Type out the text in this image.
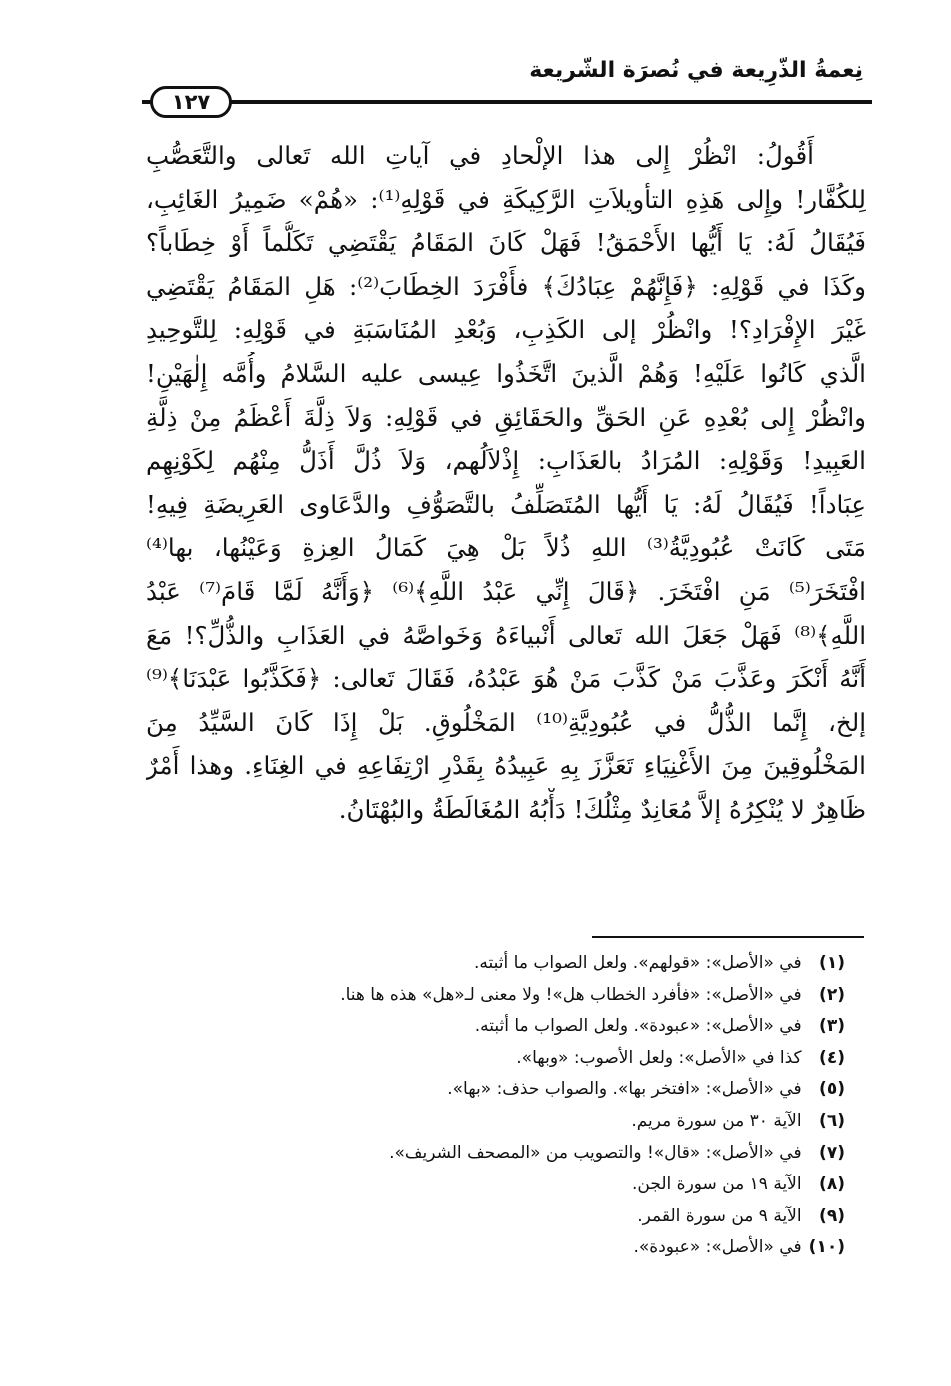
نِعمةُ الذّرِيعة في نُصرَة الشّريعة
١٢٧
أَقُولُ: انْظُرْ إِلى هذا الإلْحادِ في آياتِ الله تَعالى والتَّعَصُّبِ
لِلكُفَّار! وإِلى هَذِهِ التأويلاَتِ الرَّكِيكَةِ في قَوْلِهِ⁽¹⁾: «هُمْ» ضَمِيرُ الغَائِبِ،
فَيُقَالُ لَهُ: يَا أَيُّها الأَحْمَقُ! فَهَلْ كَانَ المَقَامُ يَقْتَضِي تَكَلُّماً أَوْ خِطَاباً؟
وكَذَا في قَوْلِهِ: ﴿فَإِنَّهُمْ عِبَادُكَ﴾ فأَفْرَدَ الخِطَابَ⁽²⁾: هَلِ المَقَامُ يَقْتَضِي
غَيْرَ الإِفْرَادِ؟! وانْظُرْ إلى الكَذِبِ، وَبُعْدِ المُنَاسَبَةِ في قَوْلِهِ: لِلتَّوحِيدِ
الَّذي كَانُوا عَلَيْهِ! وَهُمْ الَّذينَ اتَّخَذُوا عِيسى عليه السَّلامُ وأُمَّه إِلٰهَيْنِ!
وانْظُرْ إِلى بُعْدِهِ عَنِ الحَقِّ والحَقَائِقِ في قَوْلِهِ: وَلاَ ذِلَّةَ أَعْظَمُ مِنْ ذِلَّةِ
العَبِيدِ! وَقَوْلِهِ: المُرَادُ بالعَذَابِ: إِذْلاَلُهم، وَلاَ ذُلَّ أَذَلُّ مِنْهُم لِكَوْنِهِم
عِبَاداً! فَيُقَالُ لَهُ: يَا أَيُّها المُتَصَلِّفُ بالتَّصَوُّفِ والدَّعَاوى العَرِيضَةِ فِيهِ!
مَتَى كَانَتْ عُبُودِيَّةُ⁽³⁾ اللهِ ذُلاً بَلْ هِيَ كَمَالُ العِزةِ وَعَيْنُها، بها⁽⁴⁾
افْتَخَرَ⁽⁵⁾ مَنِ افْتَخَرَ. ﴿قَالَ إِنِّي عَبْدُ اللَّهِ﴾⁽⁶⁾ ﴿وَأَنَّهُ لَمَّا قَامَ⁽⁷⁾ عَبْدُ
اللَّهِ﴾⁽⁸⁾ فَهَلْ جَعَلَ الله تَعالى أَنْبياءَهُ وَخَواصَّهُ في العَذَابِ والذُّلِّ؟! مَعَ
أَنَّهُ أَنْكَرَ وعَذَّبَ مَنْ كَذَّبَ مَنْ هُوَ عَبْدُهُ، فَقَالَ تَعالى: ﴿فَكَذَّبُوا عَبْدَنَا﴾⁽⁹⁾
إلخ، إِنَّما الذُّلُّ في عُبُودِيَّةِ⁽¹⁰⁾ المَخْلُوقِ. بَلْ إِذَا كَانَ السَّيِّدُ مِنَ
المَخْلُوقِينَ مِنَ الأَغْنِيَاءِ تَعَزَّزَ بِهِ عَبِيدُهُ بِقَدْرِ ارْتِفَاعِهِ في الغِنَاءِ. وهذا أَمْرٌ
ظَاهِرٌ لا يُنْكِرُهُ إلاَّ مُعَانِدٌ مِثْلُكَ! دَأْبُهُ المُغَالَطَةُ والبُهْتَانُ.
(١) في «الأصل»: «قولهم». ولعل الصواب ما أثبته.
(٢) في «الأصل»: «فأفرد الخطاب هل»! ولا معنى لـ«هل» هذه ها هنا.
(٣) في «الأصل»: «عبودة». ولعل الصواب ما أثبته.
(٤) كذا في «الأصل»: ولعل الأصوب: «وبها».
(٥) في «الأصل»: «افتخر بها». والصواب حذف: «بها».
(٦) الآية ٣٠ من سورة مريم.
(٧) في «الأصل»: «قال»! والتصويب من «المصحف الشريف».
(٨) الآية ١٩ من سورة الجن.
(٩) الآية ٩ من سورة القمر.
(١٠) في «الأصل»: «عبودة».
